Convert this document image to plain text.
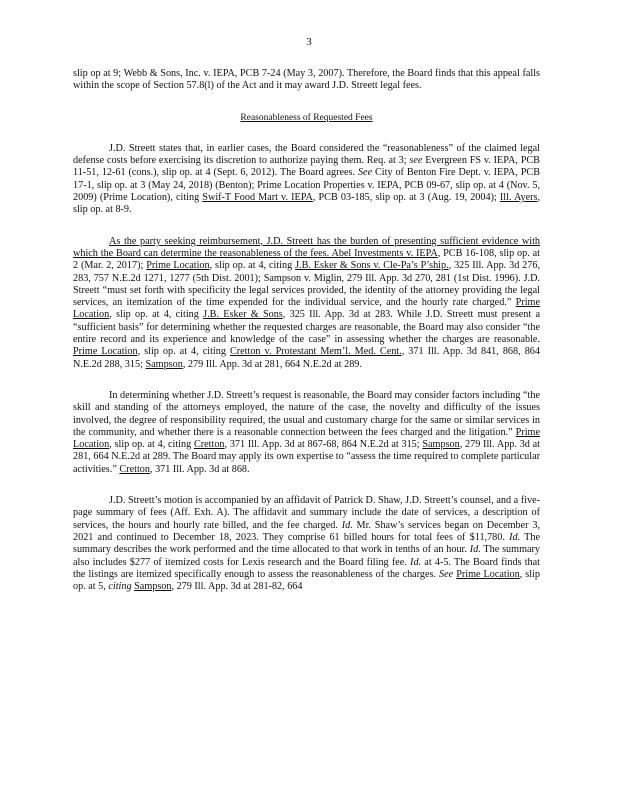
3

slip op at 9; Webb & Sons, Inc. v. IEPA, PCB 7-24 (May 3, 2007). Therefore, the Board finds that this appeal falls within the scope of Section 57.8(l) of the Act and it may award J.D. Streett legal fees.

Reasonableness of Requested Fees

J.D. Streett states that, in earlier cases, the Board considered the “reasonableness” of the claimed legal defense costs before exercising its discretion to authorize paying them. Req. at 3; see Evergreen FS v. IEPA, PCB 11-51, 12-61 (cons.), slip op. at 4 (Sept. 6, 2012). The Board agrees. See City of Benton Fire Dept. v. IEPA, PCB 17-1, slip op. at 3 (May 24, 2018) (Benton); Prime Location Properties v. IEPA, PCB 09-67, slip op. at 4 (Nov. 5, 2009) (Prime Location), citing Swif-T Food Mart v. IEPA, PCB 03-185, slip op. at 3 (Aug. 19, 2004); Ill. Ayers, slip op. at 8-9.

As the party seeking reimbursement, J.D. Streett has the burden of presenting sufficient evidence with which the Board can determine the reasonableness of the fees. Abel Investments v. IEPA, PCB 16-108, slip op. at 2 (Mar. 2, 2017); Prime Location, slip op. at 4, citing J.B. Esker & Sons v. Cle-Pa’s P’ship., 325 Ill. App. 3d 276, 283, 757 N.E.2d 1271, 1277 (5th Dist. 2001); Sampson v. Miglin, 279 Ill. App. 3d 270, 281 (1st Dist. 1996). J.D. Streett “must set forth with specificity the legal services provided, the identity of the attorney providing the legal services, an itemization of the time expended for the individual service, and the hourly rate charged.” Prime Location, slip op. at 4, citing J.B. Esker & Sons, 325 Ill. App. 3d at 283. While J.D. Streett must present a “sufficient basis” for determining whether the requested charges are reasonable, the Board may also consider “the entire record and its experience and knowledge of the case” in assessing whether the charges are reasonable. Prime Location, slip op. at 4, citing Cretton v. Protestant Mem’l. Med. Cent., 371 Ill. App. 3d 841, 868, 864 N.E.2d 288, 315; Sampson, 279 Ill. App. 3d at 281, 664 N.E.2d at 289.

In determining whether J.D. Streett’s request is reasonable, the Board may consider factors including “the skill and standing of the attorneys employed, the nature of the case, the novelty and difficulty of the issues involved, the degree of responsibility required, the usual and customary charge for the same or similar services in the community, and whether there is a reasonable connection between the fees charged and the litigation.” Prime Location, slip op. at 4, citing Cretton, 371 Ill. App. 3d at 867-68, 864 N.E.2d at 315; Sampson, 279 Ill. App. 3d at 281, 664 N.E.2d at 289. The Board may apply its own expertise to “assess the time required to complete particular activities.” Cretton, 371 Ill. App. 3d at 868.

J.D. Streett’s motion is accompanied by an affidavit of Patrick D. Shaw, J.D. Streett’s counsel, and a five-page summary of fees (Aff. Exh. A). The affidavit and summary include the date of services, a description of services, the hours and hourly rate billed, and the fee charged. Id. Mr. Shaw’s services began on December 3, 2021 and continued to December 18, 2023. They comprise 61 billed hours for total fees of $11,780. Id. The summary describes the work performed and the time allocated to that work in tenths of an hour. Id. The summary also includes $277 of itemized costs for Lexis research and the Board filing fee. Id. at 4-5. The Board finds that the listings are itemized specifically enough to assess the reasonableness of the charges. See Prime Location, slip op. at 5, citing Sampson, 279 Ill. App. 3d at 281-82, 664
